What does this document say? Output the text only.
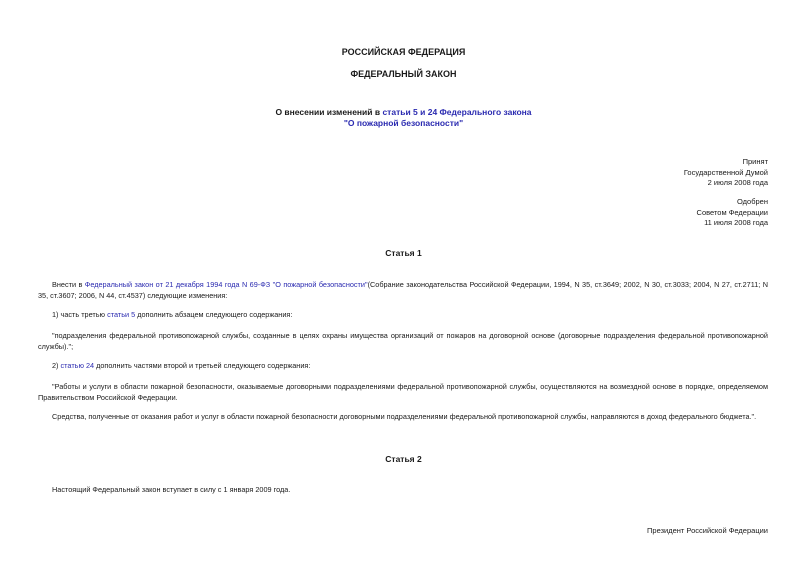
РОССИЙСКАЯ ФЕДЕРАЦИЯ
ФЕДЕРАЛЬНЫЙ ЗАКОН
О внесении изменений в статьи 5 и 24 Федерального закона
"О пожарной безопасности"
Принят
Государственной Думой
2 июля 2008 года
Одобрен
Советом Федерации
11 июля 2008 года
Статья 1
Внести в Федеральный закон от 21 декабря 1994 года N 69-ФЗ "О пожарной безопасности"(Собрание законодательства Российской Федерации, 1994, N 35, ст.3649; 2002, N 30, ст.3033; 2004, N 27, ст.2711; N 35, ст.3607; 2006, N 44, ст.4537) следующие изменения:
1) часть третью статьи 5 дополнить абзацем следующего содержания:
"подразделения федеральной противопожарной службы, созданные в целях охраны имущества организаций от пожаров на договорной основе (договорные подразделения федеральной противопожарной службы).";
2) статью 24 дополнить частями второй и третьей следующего содержания:
"Работы и услуги в области пожарной безопасности, оказываемые договорными подразделениями федеральной противопожарной службы, осуществляются на возмездной основе в порядке, определяемом Правительством Российской Федерации.
Средства, полученные от оказания работ и услуг в области пожарной безопасности договорными подразделениями федеральной противопожарной службы, направляются в доход федерального бюджета.".
Статья 2
Настоящий Федеральный закон вступает в силу с 1 января 2009 года.
Президент Российской Федерации
